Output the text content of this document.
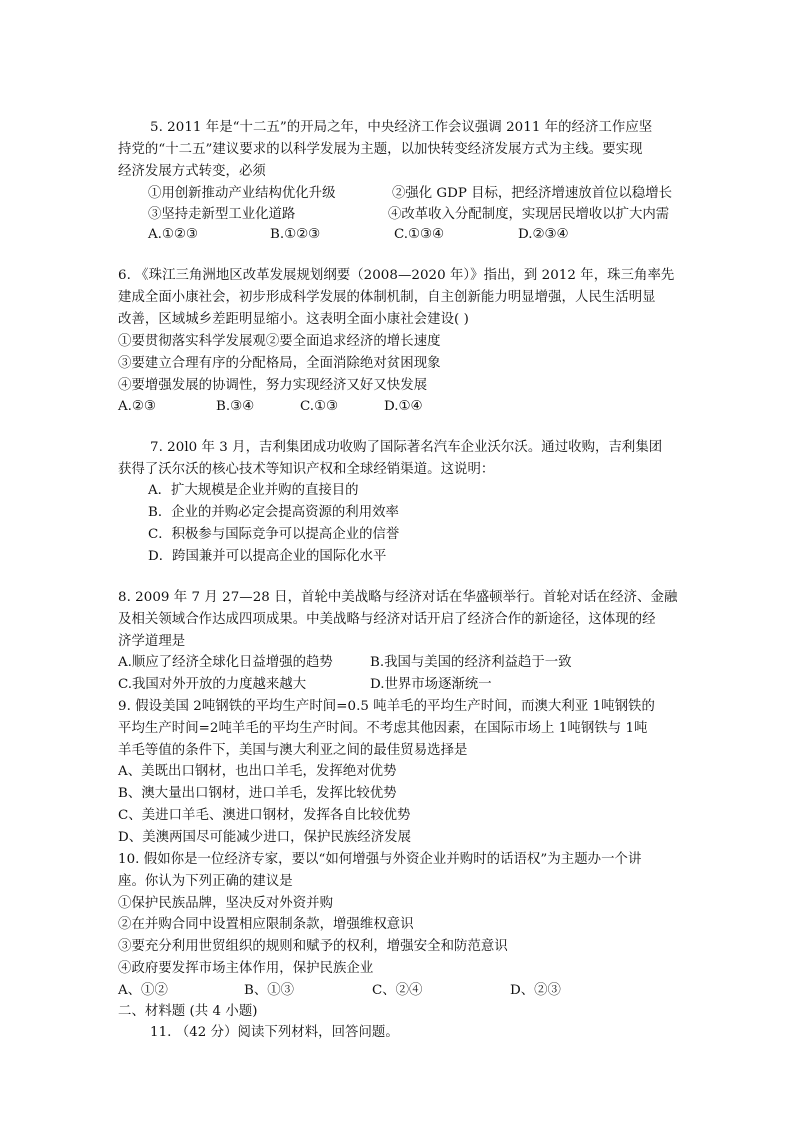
5. 2011 年是“十二五”的开局之年，中央经济工作会议强调 2011 年的经济工作应坚
持党的“十二五”建议要求的以科学发展为主题，以加快转变经济发展方式为主线。要实现
经济发展方式转变，必须
①用创新推动产业结构优化升级	②强化 GDP 目标，把经济增速放首位以稳增长
③坚持走新型工业化道路	④改革收入分配制度，实现居民增收以扩大内需
A.①②③	B.①②③	C.①③④	D.②③④
6. 《珠江三角洲地区改革发展规划纲要（2008—2020 年）》指出，到 2012 年，珠三角率先
建成全面小康社会，初步形成科学发展的体制机制，自主创新能力明显增强，人民生活明显
改善，区域城乡差距明显缩小。这表明全面小康社会建设( )
①要贯彻落实科学发展观②要全面追求经济的增长速度
③要建立合理有序的分配格局，全面消除绝对贫困现象
④要增强发展的协调性，努力实现经济又好又快发展
A.②③	B.③④	C.①③	D.①④
7. 20l0 年 3 月，吉利集团成功收购了国际著名汽车企业沃尔沃。通过收购，吉利集团
获得了沃尔沃的核心技术等知识产权和全球经销渠道。这说明：
A．扩大规模是企业并购的直接目的
B．企业的并购必定会提高资源的利用效率
C．积极参与国际竞争可以提高企业的信誉
D．跨国兼并可以提高企业的国际化水平
8. 2009 年 7 月 27—28 日，首轮中美战略与经济对话在华盛顿举行。首轮对话在经济、金融
及相关领域合作达成四项成果。中美战略与经济对话开启了经济合作的新途径，这体现的经
济学道理是
A.顺应了经济全球化日益增强的趋势	B.我国与美国的经济利益趋于一致
C.我国对外开放的力度越来越大	D.世界市场逐渐统一
9. 假设美国 2吨钢铁的平均生产时间=0.5 吨羊毛的平均生产时间，而澳大利亚 1吨钢铁的
平均生产时间=2吨羊毛的平均生产时间。不考虑其他因素，在国际市场上 1吨钢铁与 1吨
羊毛等值的条件下，美国与澳大利亚之间的最佳贸易选择是
A、美既出口钢材，也出口羊毛，发挥绝对优势
B、澳大量出口钢材，进口羊毛，发挥比较优势
C、美进口羊毛、澳进口钢材，发挥各自比较优势
D、美澳两国尽可能减少进口，保护民族经济发展
10. 假如你是一位经济专家，要以“如何增强与外资企业并购时的话语权”为主题办一个讲
座。你认为下列正确的建议是
①保护民族品牌，坚决反对外资并购
②在并购合同中设置相应限制条款，增强维权意识
③要充分利用世贸组织的规则和赋予的权利，增强安全和防范意识
④政府要发挥市场主体作用，保护民族企业
A、①②	B、①③	C、②④	D、②③
二、材料题 (共 4 小题)
11. （42 分）阅读下列材料，回答问题。
